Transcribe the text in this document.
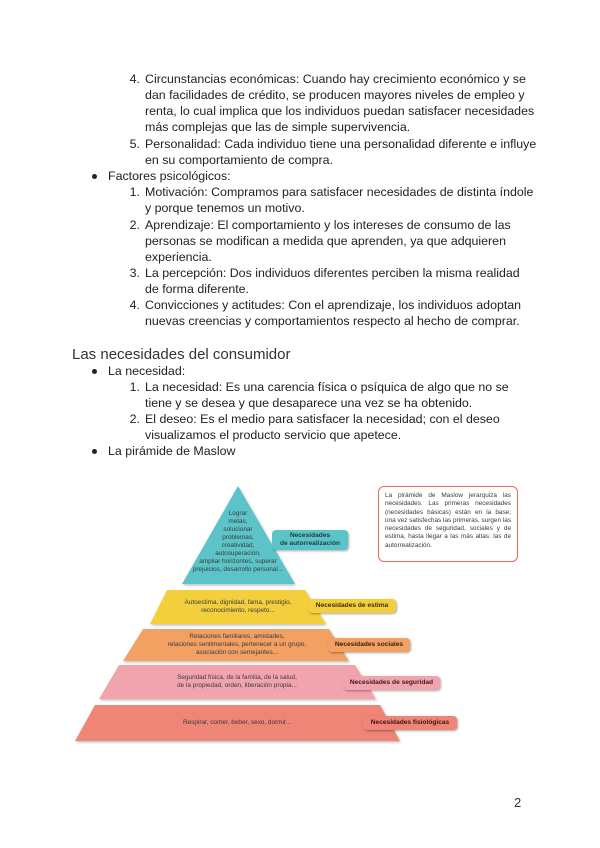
4. Circunstancias económicas: Cuando hay crecimiento económico y se
dan facilidades de crédito, se producen mayores niveles de empleo y
renta, lo cual implica que los individuos puedan satisfacer necesidades
más complejas que las de simple supervivencia.
5. Personalidad: Cada individuo tiene una personalidad diferente e influye
en su comportamiento de compra.
Factores psicológicos:
1. Motivación: Compramos para satisfacer necesidades de distinta índole
y porque tenemos un motivo.
2. Aprendizaje: El comportamiento y los intereses de consumo de las
personas se modifican a medida que aprenden, ya que adquieren
experiencia.
3. La percepción: Dos individuos diferentes perciben la misma realidad
de forma diferente.
4. Convicciones y actitudes: Con el aprendizaje, los individuos adoptan
nuevas creencias y comportamientos respecto al hecho de comprar.
Las necesidades del consumidor
La necesidad:
1. La necesidad: Es una carencia física o psíquica de algo que no se
tiene y se desea y que desaparece una vez se ha obtenido.
2. El deseo: Es el medio para satisfacer la necesidad; con el deseo
visualizamos el producto servicio que apetece.
La pirámide de Maslow
Lograr
metas,
solucionar
problemas,
creatividad,
autosuperación,
ampliar horizontes, superar
prejuicios, desarrollo personal...
Autoestima, dignidad, fama, prestigio,
reconocimiento, respeto...
Relaciones familiares, amistades,
relaciones sentimentales, pertenecer a un grupo,
asociación con semejantes...
Seguridad física, de la familia, de la salud,
de la propiedad, orden, liberación propia...
Respirar, comer, beber, sexo, dormir...
Necesidades
de autorrealización
Necesidades de estima
Necesidades sociales
Necesidades de seguridad
Necesidades fisiológicas
La pirámide de Maslow jerarquiza las necesidades. Las primeras necesidades (necesidades básicas) están en la base; una vez satisfechas las primeras, surgen las necesidades de seguridad, sociales y de estima, hasta llegar a las más altas: las de autorrealización.
2
